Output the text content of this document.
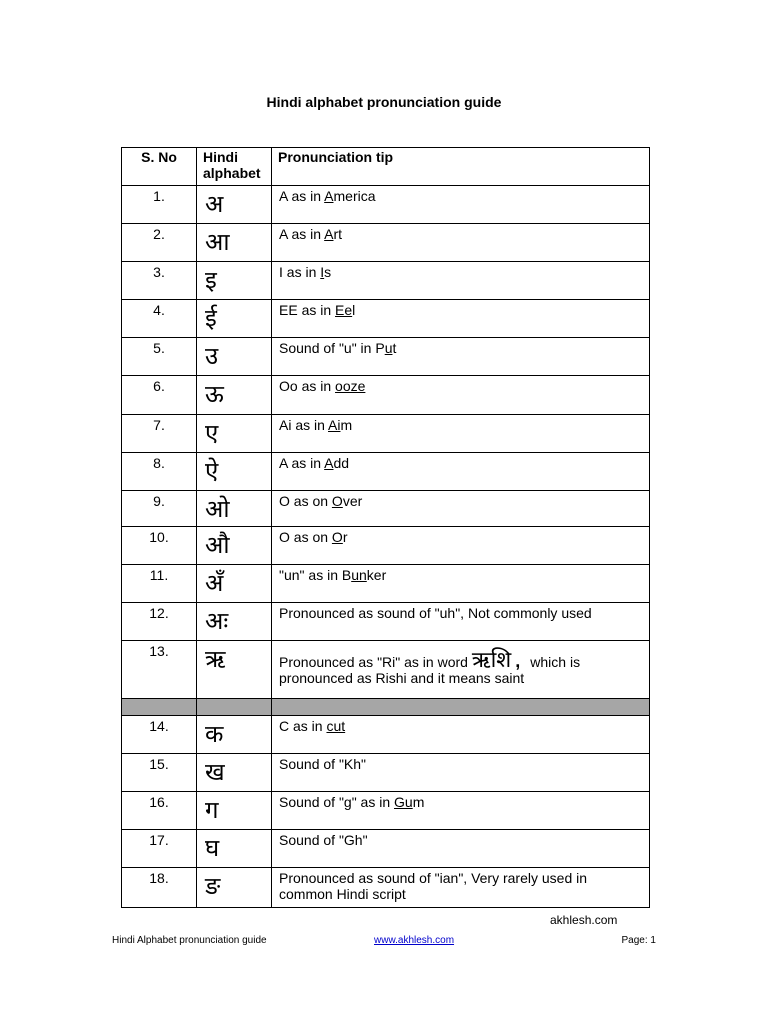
Hindi alphabet pronunciation guide
S. No	Hindi alphabet	Pronunciation tip
1.	अ	A as in America
2.	आ	A as in Art
3.	इ	I as in Is
4.	ई	EE as in Eel
5.	उ	Sound of "u" in Put
6.	ऊ	Oo as in ooze
7.	ए	Ai as in Aim
8.	ऐ	A as in Add
9.	ओ	O as on Over
10.	औ	O as on Or
11.	अँ	"un" as in Bunker
12.	अः	Pronounced as sound of "uh", Not commonly used
13.	ऋ	Pronounced as "Ri" as in word ऋशि , which is
pronounced as Rishi and it means saint

14.	क	C as in cut
15.	ख	Sound of "Kh"
16.	ग	Sound of "g" as in Gum
17.	घ	Sound of "Gh"
18.	ङ	Pronounced as sound of "ian", Very rarely used in common Hindi script
akhlesh.com
Hindi Alphabet pronunciation guide	www.akhlesh.com	Page: 1
